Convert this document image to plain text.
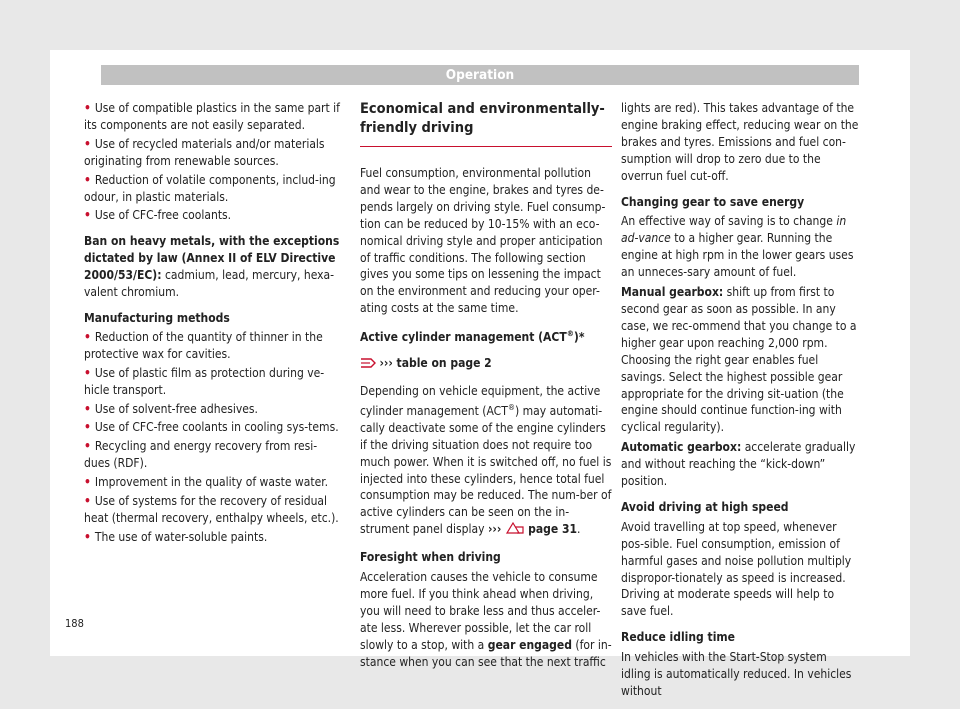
Operation
• Use of compatible plastics in the same part if its components are not easily separated.
• Use of recycled materials and/or materials originating from renewable sources.
• Reduction of volatile components, includ-ing odour, in plastic materials.
• Use of CFC-free coolants.

Ban on heavy metals, with the exceptions dictated by law (Annex II of ELV Directive 2000/53/EC): cadmium, lead, mercury, hexa-valent chromium.

Manufacturing methods
• Reduction of the quantity of thinner in the protective wax for cavities.
• Use of plastic film as protection during ve-hicle transport.
• Use of solvent-free adhesives.
• Use of CFC-free coolants in cooling sys-tems.
• Recycling and energy recovery from resi-dues (RDF).
• Improvement in the quality of waste water.
• Use of systems for the recovery of residual heat (thermal recovery, enthalpy wheels, etc.).
• The use of water-soluble paints.
Economical and environmentally-
friendly driving

Fuel consumption, environmental pollution and wear to the engine, brakes and tyres de-pends largely on driving style. Fuel consump-tion can be reduced by 10-15% with an eco-nomical driving style and proper anticipation of traffic conditions. The following section gives you some tips on lessening the impact on the environment and reducing your oper-ating costs at the same time.

Active cylinder management (ACT®)*

››› table on page 2

Depending on vehicle equipment, the active cylinder management (ACT®) may automati-cally deactivate some of the engine cylinders if the driving situation does not require too much power. When it is switched off, no fuel is injected into these cylinders, hence total fuel consumption may be reduced. The num-ber of active cylinders can be seen on the in-strument panel display ››› page 31.

Foresight when driving

Acceleration causes the vehicle to consume more fuel. If you think ahead when driving, you will need to brake less and thus acceler-ate less. Wherever possible, let the car roll slowly to a stop, with a gear engaged (for in-stance when you can see that the next traffic

lights are red). This takes advantage of the engine braking effect, reducing wear on the brakes and tyres. Emissions and fuel con-sumption will drop to zero due to the overrun fuel cut-off.

Changing gear to save energy

An effective way of saving is to change in ad-vance to a higher gear. Running the engine at high rpm in the lower gears uses an unneces-sary amount of fuel.

Manual gearbox: shift up from first to second gear as soon as possible. In any case, we rec-ommend that you change to a higher gear upon reaching 2,000 rpm. Choosing the right gear enables fuel savings. Select the highest possible gear appropriate for the driving sit-uation (the engine should continue function-ing with cyclical regularity).

Automatic gearbox: accelerate gradually and without reaching the “kick-down” position.

Avoid driving at high speed

Avoid travelling at top speed, whenever pos-sible. Fuel consumption, emission of harmful gases and noise pollution multiply dispropor-tionately as speed is increased. Driving at moderate speeds will help to save fuel.

Reduce idling time

In vehicles with the Start-Stop system idling is automatically reduced. In vehicles without

188
